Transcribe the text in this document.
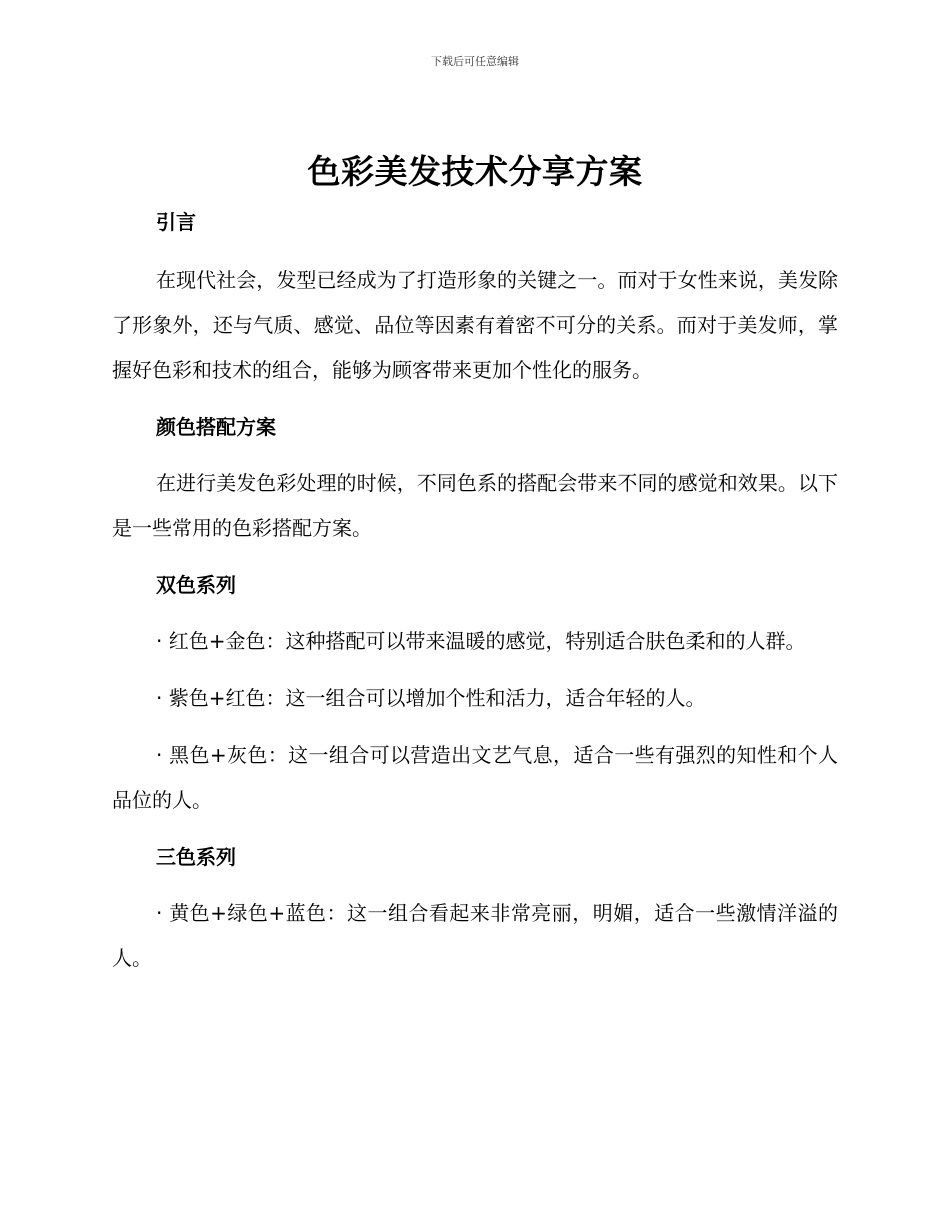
下载后可任意编辑
色彩美发技术分享方案
引言

在现代社会，发型已经成为了打造形象的关键之一。而对于女性来说，美发除了形象外，还与气质、感觉、品位等因素有着密不可分的关系。而对于美发师，掌握好色彩和技术的组合，能够为顾客带来更加个性化的服务。

颜色搭配方案

在进行美发色彩处理的时候，不同色系的搭配会带来不同的感觉和效果。以下是一些常用的色彩搭配方案。

双色系列

· 红色+金色：这种搭配可以带来温暖的感觉，特别适合肤色柔和的人群。

· 紫色+红色：这一组合可以增加个性和活力，适合年轻的人。

· 黑色+灰色：这一组合可以营造出文艺气息，适合一些有强烈的知性和个人品位的人。

三色系列

· 黄色+绿色+蓝色：这一组合看起来非常亮丽，明媚，适合一些激情洋溢的人。
